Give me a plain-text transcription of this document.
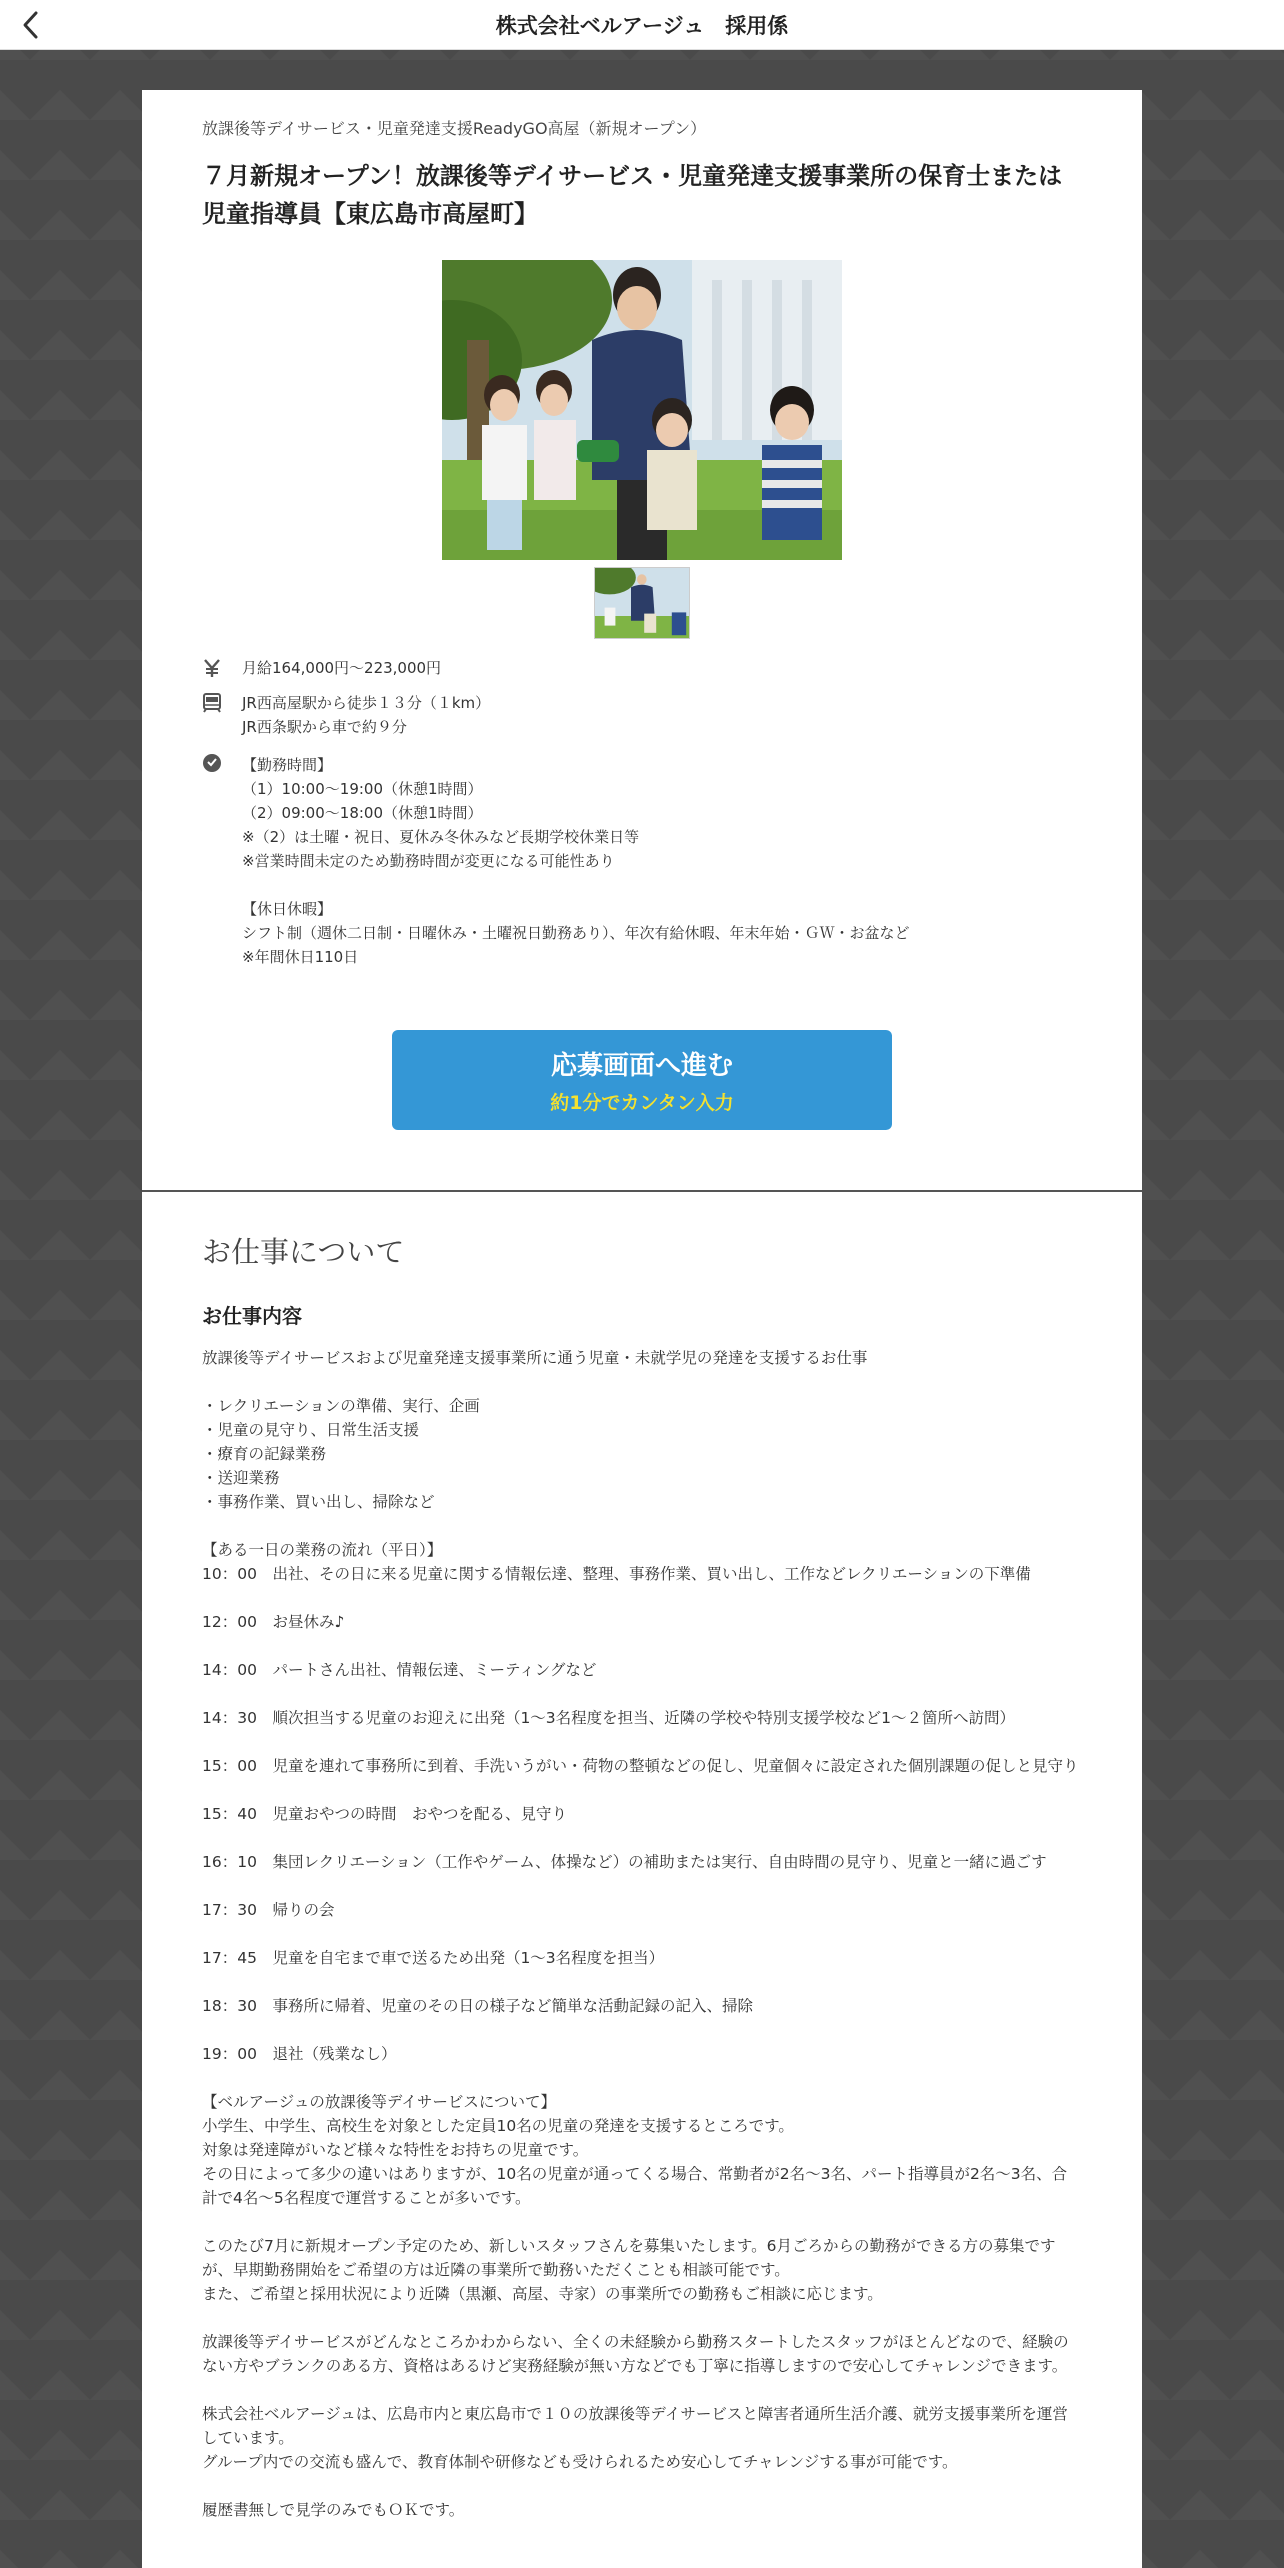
株式会社ベルアージュ　採用係
放課後等デイサービス・児童発達支援ReadyGO高屋（新規オープン）
７月新規オープン！放課後等デイサービス・児童発達支援事業所の保育士または児童指導員【東広島市高屋町】
月給164,000円〜223,000円
JR西高屋駅から徒歩１３分（１km）
JR西条駅から車で約９分
【勤務時間】
（1）10:00〜19:00（休憩1時間）
（2）09:00〜18:00（休憩1時間）
※（2）は土曜・祝日、夏休み冬休みなど長期学校休業日等
※営業時間未定のため勤務時間が変更になる可能性あり

【休日休暇】
シフト制（週休二日制・日曜休み・土曜祝日勤務あり）、年次有給休暇、年末年始・ＧＷ・お盆など
※年間休日110日
応募画面へ進む
約1分でカンタン入力
お仕事について
お仕事内容
放課後等デイサービスおよび児童発達支援事業所に通う児童・未就学児の発達を支援するお仕事

・レクリエーションの準備、実行、企画
・児童の見守り、日常生活支援
・療育の記録業務
・送迎業務
・事務作業、買い出し、掃除など

【ある一日の業務の流れ（平日）】
10：00　出社、その日に来る児童に関する情報伝達、整理、事務作業、買い出し、工作などレクリエーションの下準備

12：00　お昼休み♪

14：00　パートさん出社、情報伝達、ミーティングなど

14：30　順次担当する児童のお迎えに出発（1～3名程度を担当、近隣の学校や特別支援学校など1～２箇所へ訪問）

15：00　児童を連れて事務所に到着、手洗いうがい・荷物の整頓などの促し、児童個々に設定された個別課題の促しと見守り

15：40　児童おやつの時間　おやつを配る、見守り

16：10　集団レクリエーション（工作やゲーム、体操など）の補助または実行、自由時間の見守り、児童と一緒に過ごす

17：30　帰りの会

17：45　児童を自宅まで車で送るため出発（1～3名程度を担当）

18：30　事務所に帰着、児童のその日の様子など簡単な活動記録の記入、掃除

19：00　退社（残業なし）

【ベルアージュの放課後等デイサービスについて】
小学生、中学生、高校生を対象とした定員10名の児童の発達を支援するところです。
対象は発達障がいなど様々な特性をお持ちの児童です。
その日によって多少の違いはありますが、10名の児童が通ってくる場合、常勤者が2名～3名、パート指導員が2名～3名、合計で4名～5名程度で運営することが多いです。

このたび7月に新規オープン予定のため、新しいスタッフさんを募集いたします。6月ごろからの勤務ができる方の募集ですが、早期勤務開始をご希望の方は近隣の事業所で勤務いただくことも相談可能です。
また、ご希望と採用状況により近隣（黒瀬、高屋、寺家）の事業所での勤務もご相談に応じます。

放課後等デイサービスがどんなところかわからない、全くの未経験から勤務スタートしたスタッフがほとんどなので、経験のない方やブランクのある方、資格はあるけど実務経験が無い方などでも丁寧に指導しますので安心してチャレンジできます。

株式会社ベルアージュは、広島市内と東広島市で１０の放課後等デイサービスと障害者通所生活介護、就労支援事業所を運営しています。
グループ内での交流も盛んで、教育体制や研修なども受けられるため安心してチャレンジする事が可能です。

履歴書無しで見学のみでもＯＫです。
